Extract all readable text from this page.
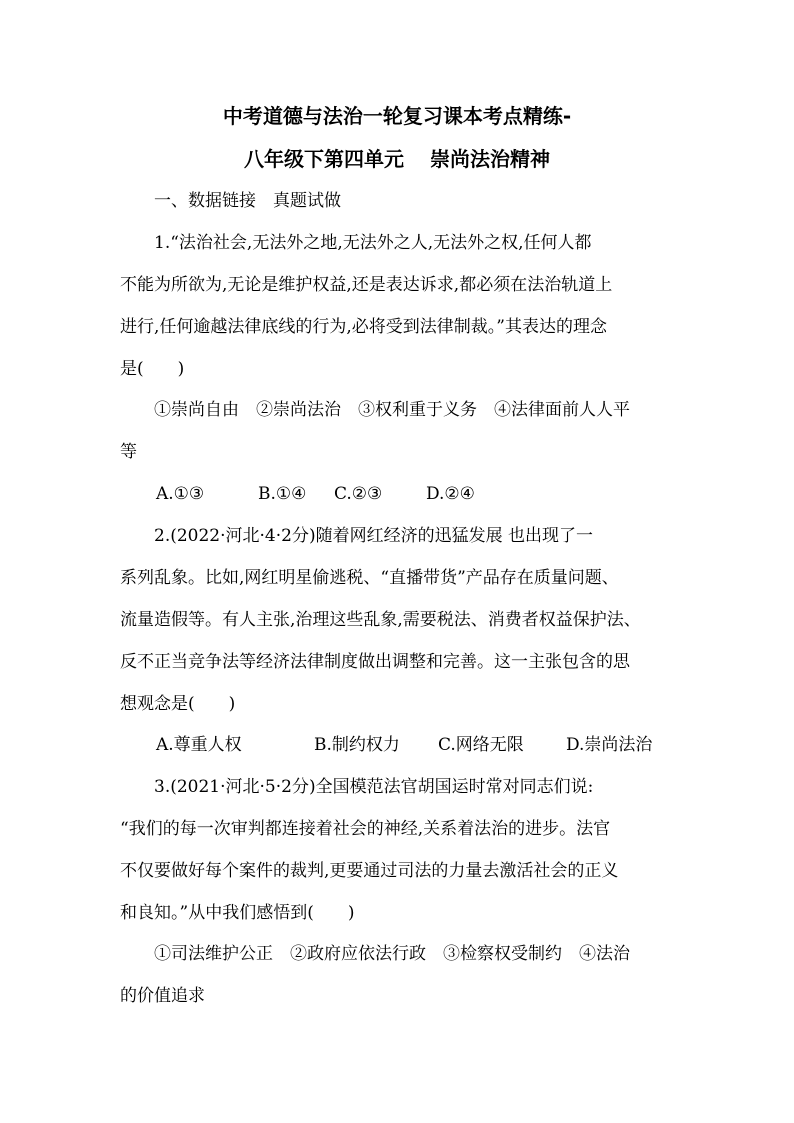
中考道德与法治一轮复习课本考点精练-
八年级下第四单元 崇尚法治精神
一、数据链接　真题试做
1.“法治社会,无法外之地,无法外之人,无法外之权,任何人都
不能为所欲为,无论是维护权益,还是表达诉求,都必须在法治轨道上
进行,任何逾越法律底线的行为,必将受到法律制裁。”其表达的理念
是(　　)
①崇尚自由　②崇尚法治　③权利重于义务　④法律面前人人平
等
A.①③	B.①④ C.②③	D.②④
2.(2022·河北·4·2分)随着网红经济的迅猛发展 也出现了一
系列乱象。比如,网红明星偷逃税、“直播带货”产品存在质量问题、
流量造假等。有人主张,治理这些乱象,需要税法、消费者权益保护法、
反不正当竞争法等经济法律制度做出调整和完善。这一主张包含的思
想观念是(　　)
A.尊重人权	B.制约权力 C.网络无限 D.崇尚法治
3.(2021·河北·5·2分)全国模范法官胡国运时常对同志们说:
“我们的每一次审判都连接着社会的神经,关系着法治的进步。法官
不仅要做好每个案件的裁判,更要通过司法的力量去激活社会的正义
和良知。”从中我们感悟到(　　)
①司法维护公正　②政府应依法行政　③检察权受制约　④法治
的价值追求
